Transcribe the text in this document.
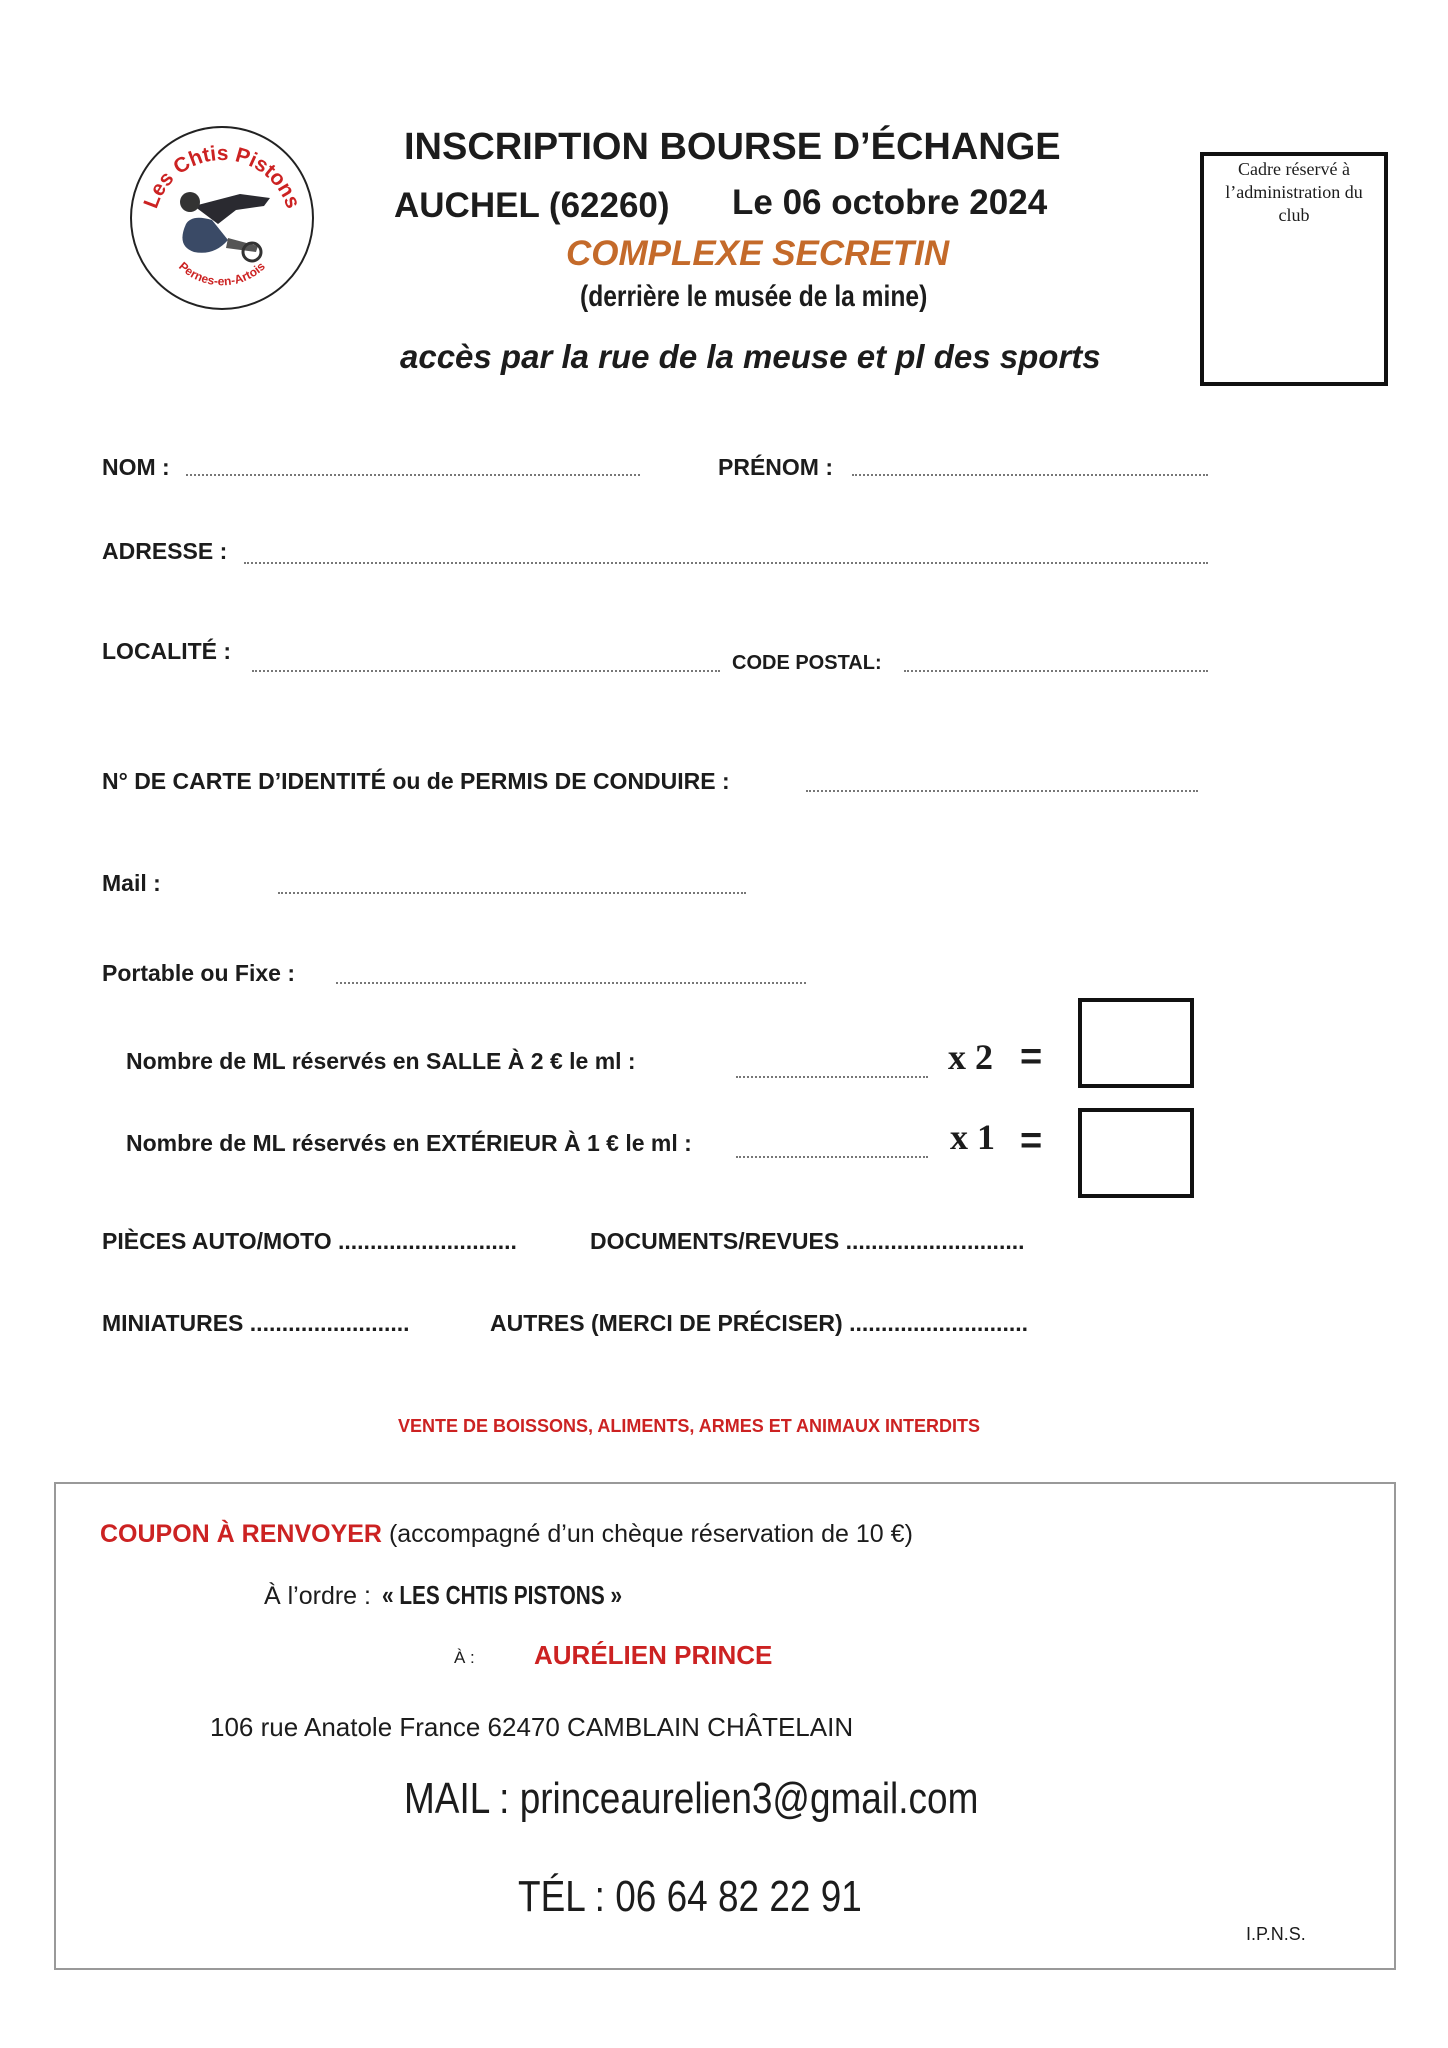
Les Chtis Pistons
Pernes-en-Artois
INSCRIPTION BOURSE D’ÉCHANGE
AUCHEL (62260) Le 06 octobre 2024
COMPLEXE SECRETIN
(derrière le musée de la mine)
accès par la rue de la meuse et pl des sports
Cadre réservé à l’administration du club
NOM :	PRÉNOM :
ADRESSE :
LOCALITÉ :	CODE POSTAL:
N° DE CARTE D’IDENTITÉ ou de PERMIS DE CONDUIRE :
Mail :
Portable ou Fixe :
Nombre de ML réservés en SALLE À 2 € le ml :	x 2 =
Nombre de ML réservés en EXTÉRIEUR À 1 € le ml :	x 1 =
PIÈCES AUTO/MOTO ............................	DOCUMENTS/REVUES ............................
MINIATURES .........................	AUTRES (MERCI DE PRÉCISER) ............................
VENTE DE BOISSONS, ALIMENTS, ARMES ET ANIMAUX INTERDITS
COUPON À RENVOYER (accompagné d’un chèque réservation de 10 €)
À l’ordre : « LES CHTIS PISTONS »
À : AURÉLIEN PRINCE
106 rue Anatole France 62470 CAMBLAIN CHÂTELAIN
MAIL : princeaurelien3@gmail.com
TÉL : 06 64 82 22 91
I.P.N.S.
